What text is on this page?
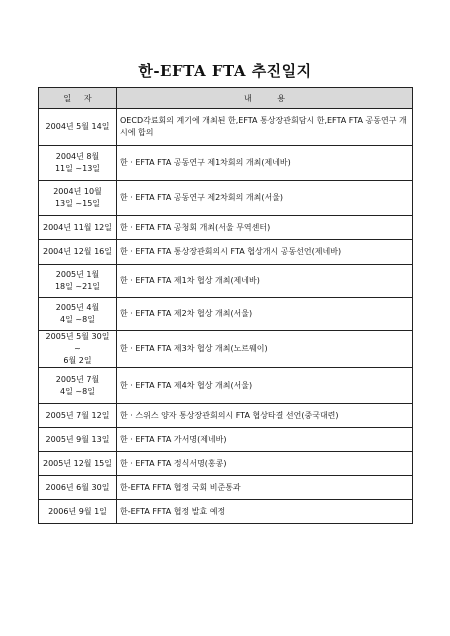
한-EFTA FTA 추진일지
일     자	내          용

2004년 5월 14일	OECD각료회의 계기에 개최된 한,EFTA 통상장관회담시 한,EFTA FTA 공동연구 개시에 합의

2004년 8월
11일 ~13일	한 · EFTA FTA 공동연구 제1차회의 개최(제네바)

2004년 10월
13일 ~15일	한 · EFTA FTA 공동연구 제2차회의 개최(서울)

2004년 11월 12일	한 · EFTA FTA 공청회 개최(서울 무역센터)

2004년 12월 16일	한 · EFTA FTA 통상장관회의시 FTA 협상개시 공동선언(제네바)

2005년 1월
18일 ~21일	한 · EFTA FTA 제1차 협상 개최(제네바)

2005년 4월
4일 ~8일	한 · EFTA FTA 제2차 협상 개최(서울)

2005년 5월 30일
~
6월 2일	한 · EFTA FTA 제3차 협상 개최(노르웨이)

2005년 7월
4일 ~8일	한 · EFTA FTA 제4차 협상 개최(서울)

2005년 7월 12일	한 · 스위스 양자 통상장관회의시 FTA 협상타결 선언(중국대련)

2005년 9월 13일	한 · EFTA FTA 가서명(제네바)

2005년 12월 15일	한 · EFTA FTA 정식서명(홍콩)

2006년 6월 30일	한-EFTA FFTA 협정 국회 비준통과

2006년 9월 1일	한-EFTA FFTA 협정 발효 예정
